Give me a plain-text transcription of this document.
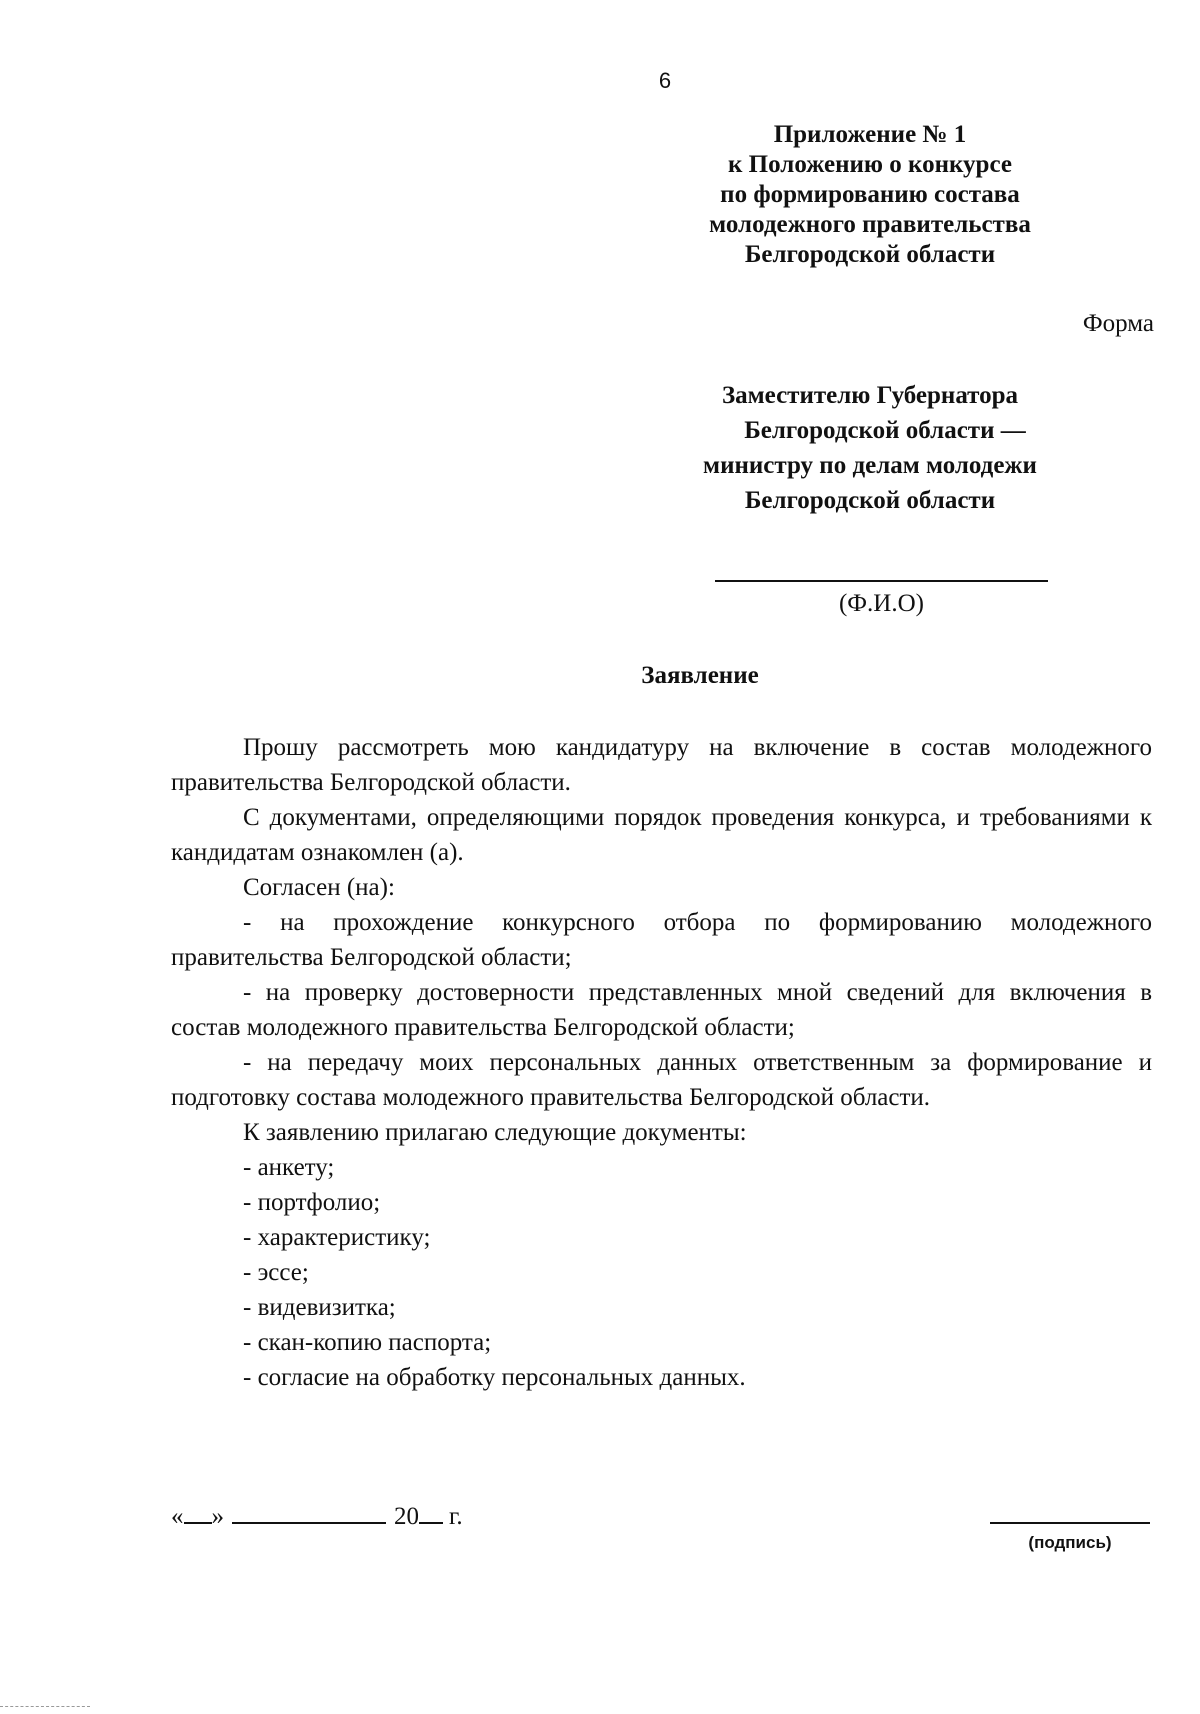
6
Приложение № 1
к Положению о конкурсе
по формированию состава
молодежного правительства
Белгородской области
Форма
Заместителю Губернатора
Белгородской области —
министру по делам молодежи
Белгородской области
(Ф.И.О)
Заявление

Прошу рассмотреть мою кандидатуру на включение в состав молодежного правительства Белгородской области.

С документами, определяющими порядок проведения конкурса, и требованиями к кандидатам ознакомлен (а).

Согласен (на):

- на прохождение конкурсного отбора по формированию молодежного правительства Белгородской области;

- на проверку достоверности представленных мной сведений для включения в состав молодежного правительства Белгородской области;

- на передачу моих персональных данных ответственным за формирование и подготовку состава молодежного правительства Белгородской области.

К заявлению прилагаю следующие документы:

- анкету;
- портфолио;
- характеристику;
- эссе;
- видевизитка;
- скан-копию паспорта;
- согласие на обработку персональных данных.
« »	20 г.
(подпись)
